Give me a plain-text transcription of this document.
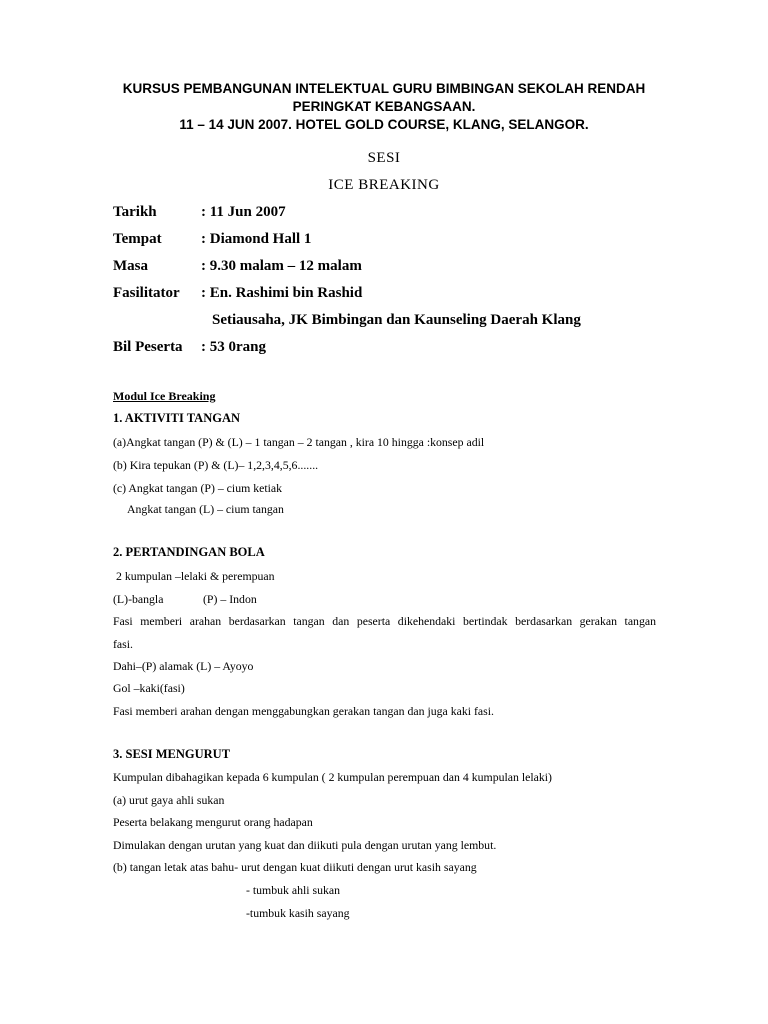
KURSUS PEMBANGUNAN INTELEKTUAL GURU BIMBINGAN SEKOLAH RENDAH
PERINGKAT KEBANGSAAN.
11 – 14 JUN 2007. HOTEL GOLD COURSE, KLANG, SELANGOR.
SESI
ICE BREAKING
Tarikh	: 11 Jun 2007
Tempat	: Diamond Hall 1
Masa	: 9.30 malam – 12 malam
Fasilitator : En. Rashimi bin Rashid
Setiausaha, JK Bimbingan dan Kaunseling Daerah Klang
Bil Peserta : 53 0rang
Modul Ice Breaking
1. AKTIVITI TANGAN
(a)Angkat tangan (P) & (L) – 1 tangan – 2 tangan , kira 10 hingga :konsep adil
(b) Kira tepukan (P) & (L)– 1,2,3,4,5,6.......
(c) Angkat tangan (P) – cium ketiak
Angkat tangan (L) – cium tangan
2. PERTANDINGAN BOLA
2 kumpulan –lelaki & perempuan
(L)-bangla	(P) – Indon
Fasi memberi arahan berdasarkan tangan dan peserta dikehendaki bertindak berdasarkan gerakan tangan
fasi.
Dahi–(P) alamak (L) – Ayoyo
Gol –kaki(fasi)
Fasi memberi arahan dengan menggabungkan gerakan tangan dan juga kaki fasi.
3. SESI MENGURUT
Kumpulan dibahagikan kepada 6 kumpulan ( 2 kumpulan perempuan dan 4 kumpulan lelaki)
(a) urut gaya ahli sukan
Peserta belakang mengurut orang hadapan
Dimulakan dengan urutan yang kuat dan diikuti pula dengan urutan yang lembut.
(b) tangan letak atas bahu- urut dengan kuat diikuti dengan urut kasih sayang
- tumbuk ahli sukan
-tumbuk kasih sayang
